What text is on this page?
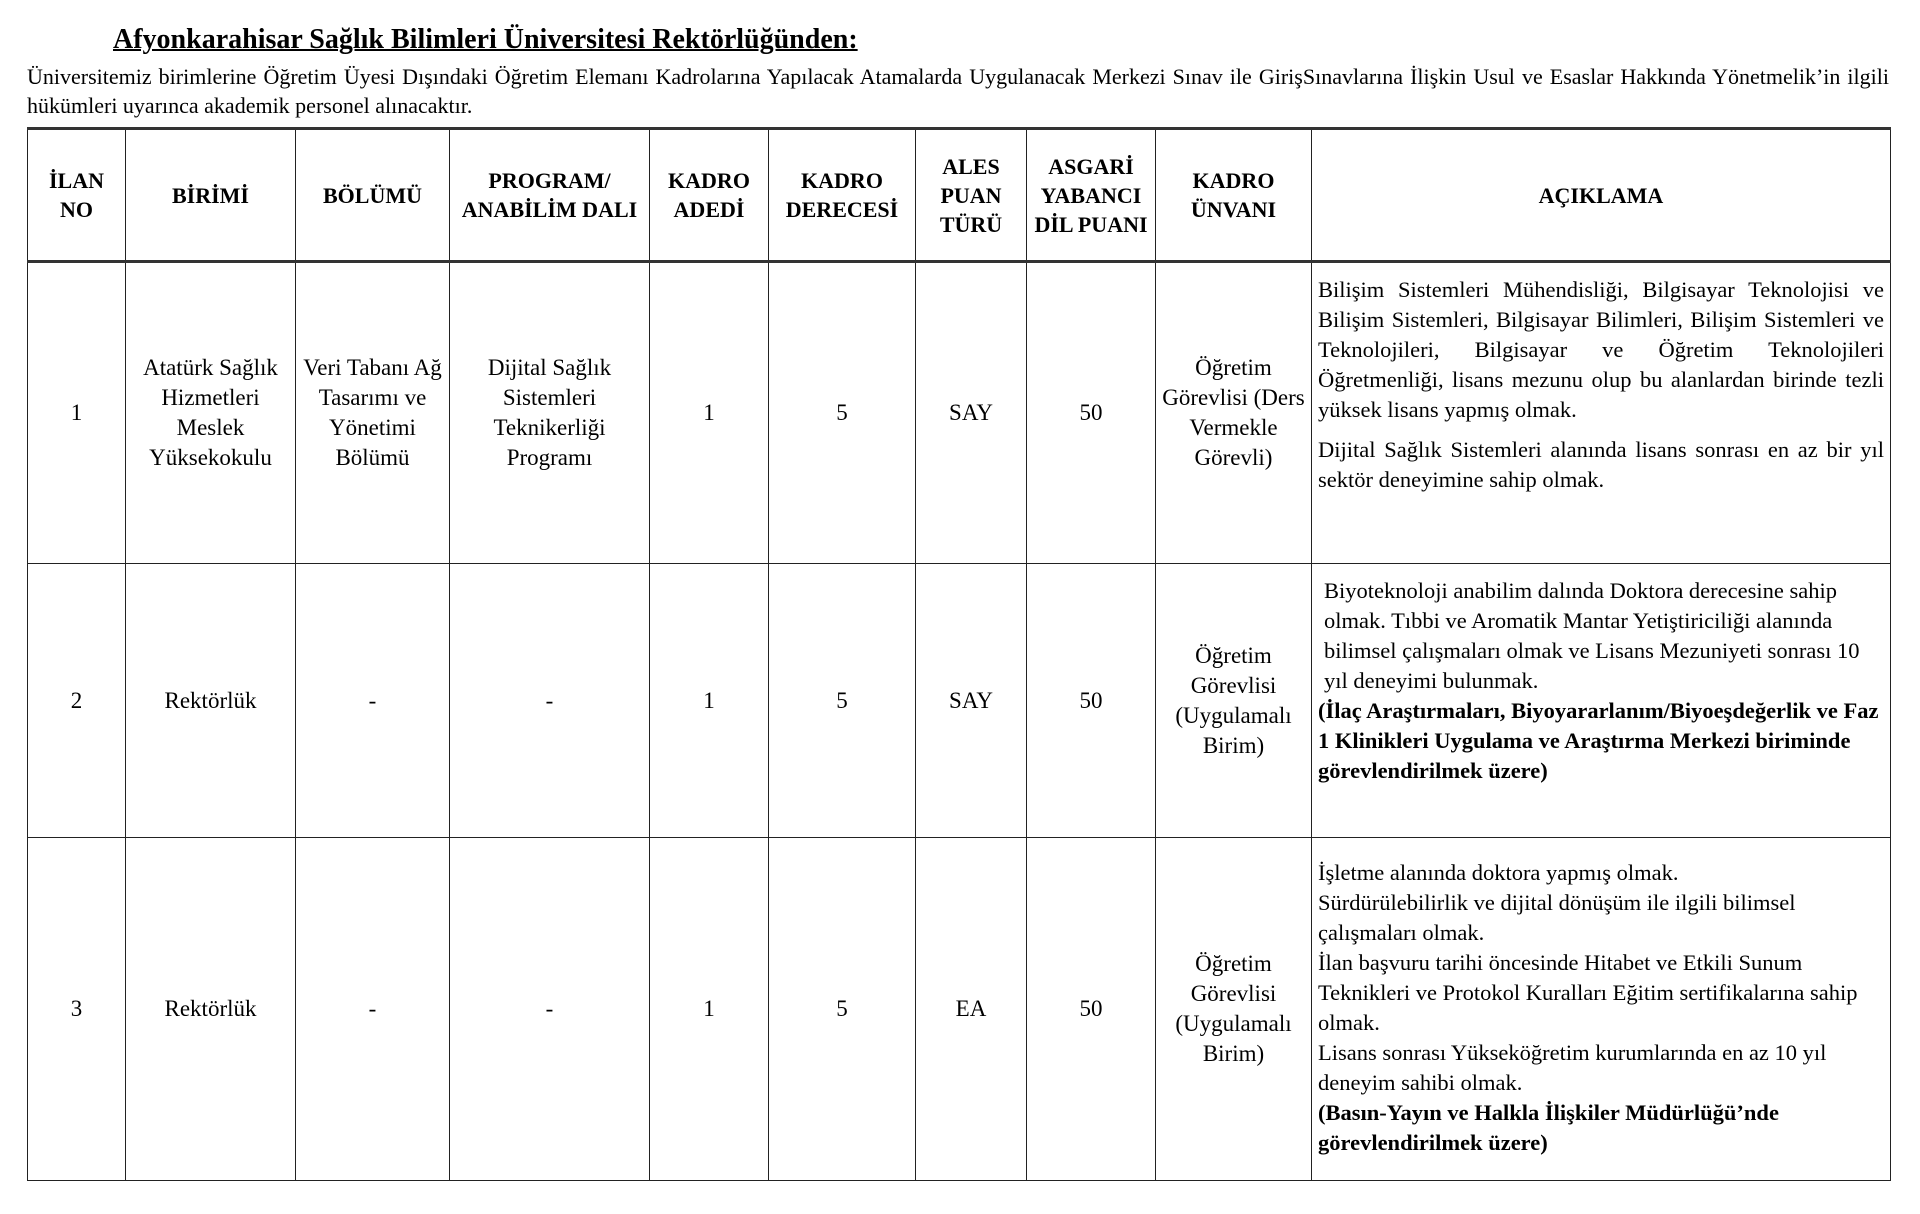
Afyonkarahisar Sağlık Bilimleri Üniversitesi Rektörlüğünden:
Üniversitemiz birimlerine Öğretim Üyesi Dışındaki Öğretim Elemanı Kadrolarına Yapılacak Atamalarda Uygulanacak Merkezi Sınav ile GirişSınavlarına İlişkin Usul ve Esaslar Hakkında Yönetmelik’in ilgili hükümleri uyarınca akademik personel alınacaktır.
İLAN NO	BİRİMİ	BÖLÜMÜ	PROGRAM/ ANABİLİM DALI	KADRO ADEDİ	KADRO DERECESİ	ALES PUAN TÜRÜ	ASGARİ YABANCI DİL PUANI	KADRO ÜNVANI	AÇIKLAMA
1	Atatürk Sağlık Hizmetleri Meslek Yüksekokulu	Veri Tabanı Ağ Tasarımı ve Yönetimi Bölümü	Dijital Sağlık Sistemleri Teknikerliği Programı	1	5	SAY	50	Öğretim Görevlisi (Ders Vermekle Görevli)	Bilişim Sistemleri Mühendisliği, Bilgisayar Teknolojisi ve Bilişim Sistemleri, Bilgisayar Bilimleri, Bilişim Sistemleri ve Teknolojileri, Bilgisayar ve Öğretim Teknolojileri Öğretmenliği, lisans mezunu olup bu alanlardan birinde tezli yüksek lisans yapmış olmak.

Dijital Sağlık Sistemleri alanında lisans sonrası en az bir yıl sektör deneyimine sahip olmak.

2	Rektörlük	-	-	1	5	SAY	50	Öğretim Görevlisi (Uygulamalı Birim)	Biyoteknoloji anabilim dalında Doktora derecesine sahip olmak. Tıbbi ve Aromatik Mantar Yetiştiriciliği alanında bilimsel çalışmaları olmak ve Lisans Mezuniyeti sonrası 10 yıl deneyimi bulunmak.
(İlaç Araştırmaları, Biyoyararlanım/Biyoeşdeğerlik ve Faz 1 Klinikleri Uygulama ve Araştırma Merkezi biriminde görevlendirilmek üzere)

3	Rektörlük	-	-	1	5	EA	50	Öğretim Görevlisi (Uygulamalı Birim)	İşletme alanında doktora yapmış olmak.
Sürdürülebilirlik ve dijital dönüşüm ile ilgili bilimsel çalışmaları olmak.
İlan başvuru tarihi öncesinde Hitabet ve Etkili Sunum Teknikleri ve Protokol Kuralları Eğitim sertifikalarına sahip olmak.
Lisans sonrası Yükseköğretim kurumlarında en az 10 yıl deneyim sahibi olmak.
(Basın-Yayın ve Halkla İlişkiler Müdürlüğü’nde görevlendirilmek üzere)
